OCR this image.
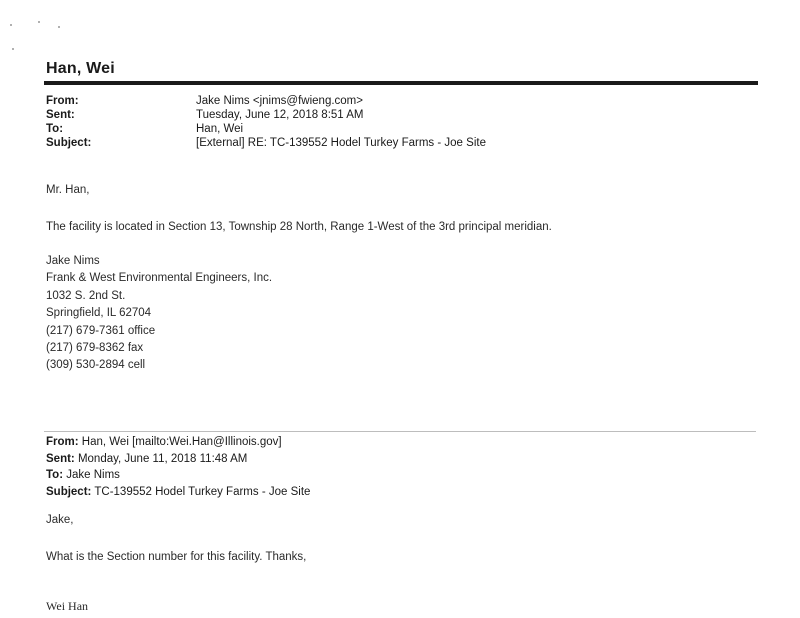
Han, Wei
From:	Jake Nims <jnims@fwieng.com>
Sent:	Tuesday, June 12, 2018 8:51 AM
To:	Han, Wei
Subject:	[External] RE: TC-139552 Hodel Turkey Farms - Joe Site
Mr. Han,
The facility is located in Section 13, Township 28 North, Range 1-West of the 3rd principal meridian.
Jake Nims
Frank & West Environmental Engineers, Inc.
1032 S. 2nd St.
Springfield, IL 62704
(217) 679-7361 office
(217) 679-8362 fax
(309) 530-2894 cell
From: Han, Wei [mailto:Wei.Han@Illinois.gov]
Sent: Monday, June 11, 2018 11:48 AM
To: Jake Nims
Subject: TC-139552 Hodel Turkey Farms - Joe Site
Jake,
What is the Section number for this facility. Thanks,
Wei Han
